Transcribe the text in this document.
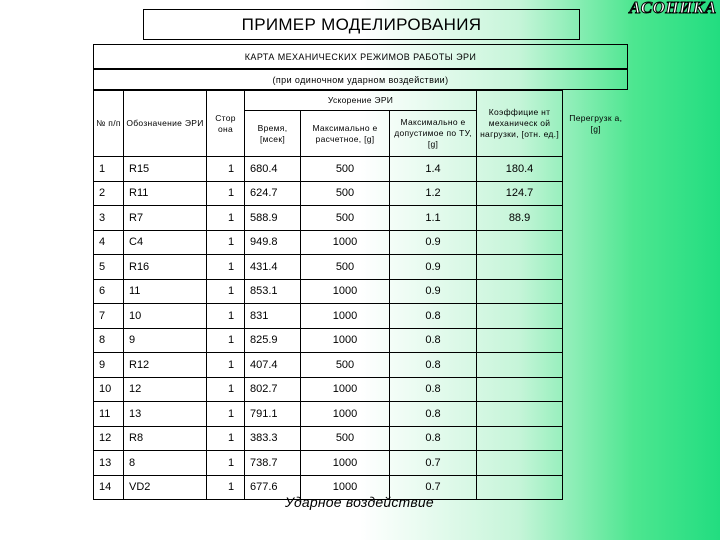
ПРИМЕР МОДЕЛИРОВАНИЯ
АСОНИКА
КАРТА МЕХАНИЧЕСКИХ РЕЖИМОВ РАБОТЫ ЭРИ
(при одиночном ударном воздействии)
№ п/п	Обозначение ЭРИ	Стор она	Ускорение ЭРИ			Коэффицие нт механическ ой нагрузки, [отн. ед.]	Перегрузк а, [g]
			Время, [мсек]	Максимально е расчетное, [g]	Максимально е допустимое по ТУ, [g]		
1	R15	1	680.4	500	1.4	180.4	
2	R11	1	624.7	500	1.2	124.7	
3	R7	1	588.9	500	1.1	88.9	
4	C4	1	949.8	1000	0.9		
5	R16	1	431.4	500	0.9		
6	11	1	853.1	1000	0.9		
7	10	1	831	1000	0.8		
8	9	1	825.9	1000	0.8		
9	R12	1	407.4	500	0.8		
10	12	1	802.7	1000	0.8		
11	13	1	791.1	1000	0.8		
12	R8	1	383.3	500	0.8		
13	8	1	738.7	1000	0.7		
14	VD2	1	677.6	1000	0.7		
Ударное воздействие
